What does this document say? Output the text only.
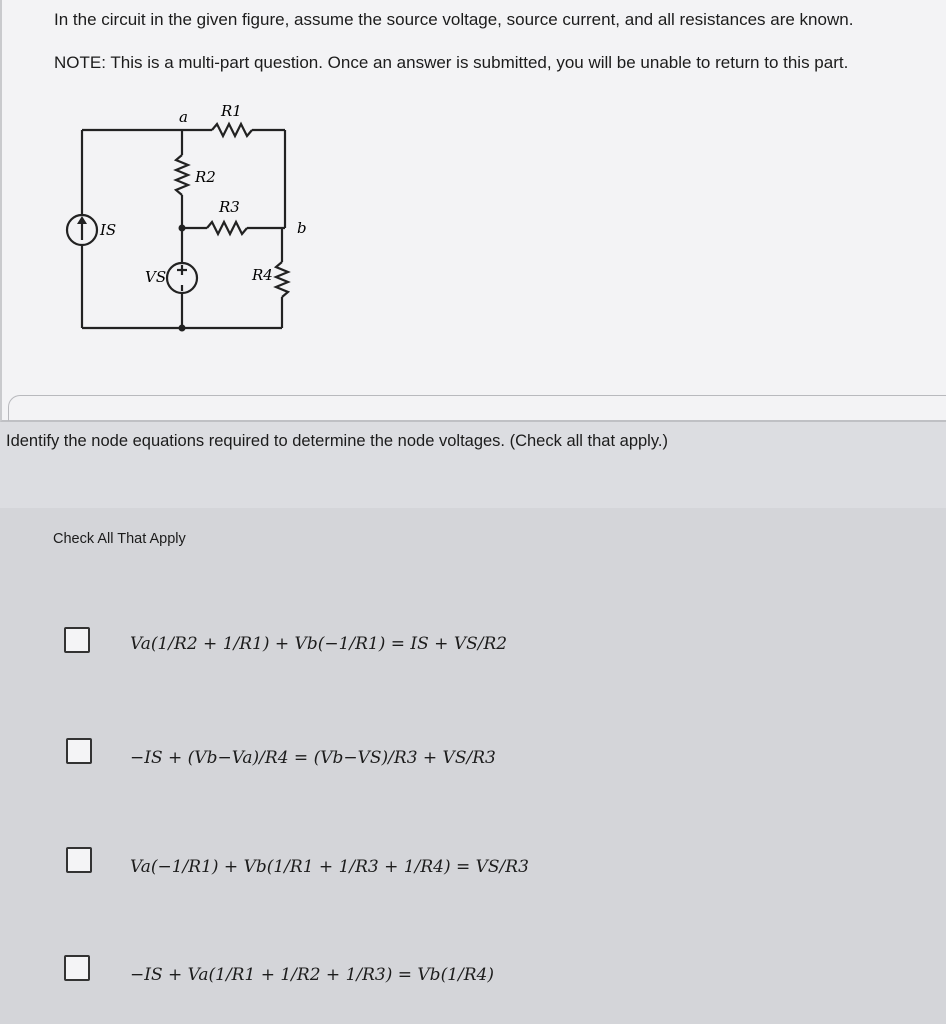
In the circuit in the given figure, assume the source voltage, source current, and all resistances are known.
NOTE: This is a multi-part question. Once an answer is submitted, you will be unable to return to this part.
a
b
R1
R2
R3
R4
VS
IS
Identify the node equations required to determine the node voltages. (Check all that apply.)
Check All That Apply
Va(1/R2 + 1/R1) + Vb(−1/R1) = IS + VS/R2
−IS + (Vb−Va)/R4 = (Vb−VS)/R3 + VS/R3
Va(−1/R1) + Vb(1/R1 + 1/R3 + 1/R4) = VS/R3
−IS + Va(1/R1 + 1/R2 + 1/R3) = Vb(1/R4)
